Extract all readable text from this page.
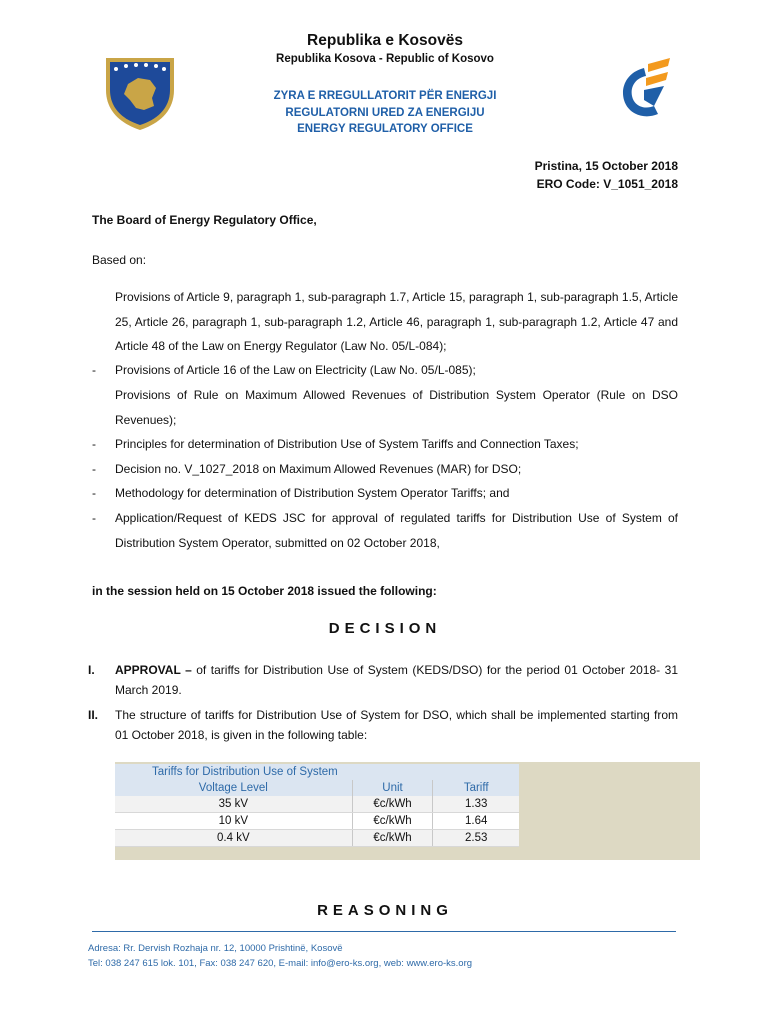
Republika e Kosovës
Republika Kosova - Republic of Kosovo
ZYRA E RREGULLATORIT PËR ENERGJI
REGULATORNI URED ZA ENERGIJU
ENERGY REGULATORY OFFICE
Pristina, 15 October 2018
ERO Code: V_1051_2018
The Board of Energy Regulatory Office,
Based on:
Provisions of Article 9, paragraph 1, sub-paragraph 1.7, Article 15, paragraph 1, sub-paragraph 1.5, Article 25, Article 26, paragraph 1, sub-paragraph 1.2, Article 46, paragraph 1, sub-paragraph 1.2, Article 47 and Article 48 of the Law on Energy Regulator (Law No. 05/L-084);
- Provisions of Article 16 of the Law on Electricity (Law No. 05/L-085);
Provisions of Rule on Maximum Allowed Revenues of Distribution System Operator (Rule on DSO Revenues);
- Principles for determination of Distribution Use of System Tariffs and Connection Taxes;
- Decision no. V_1027_2018 on Maximum Allowed Revenues (MAR) for DSO;
- Methodology for determination of Distribution System Operator Tariffs; and
- Application/Request of KEDS JSC for approval of regulated tariffs for Distribution Use of System of Distribution System Operator, submitted on 02 October 2018,
in the session held on 15 October 2018 issued the following:
DECISION
I. APPROVAL – of tariffs for Distribution Use of System (KEDS/DSO) for the period 01 October 2018- 31 March 2019.
II. The structure of tariffs for Distribution Use of System for DSO, which shall be implemented starting from 01 October 2018, is given in the following table:
Tariffs for Distribution Use of System		
Voltage Level	Unit	Tariff
35 kV	€c/kWh	1.33
10 kV	€c/kWh	1.64
0.4 kV	€c/kWh	2.53
REASONING
Adresa: Rr. Dervish Rozhaja nr. 12, 10000 Prishtinë, Kosovë
Tel: 038 247 615 lok. 101, Fax: 038 247 620, E-mail: info@ero-ks.org, web: www.ero-ks.org
